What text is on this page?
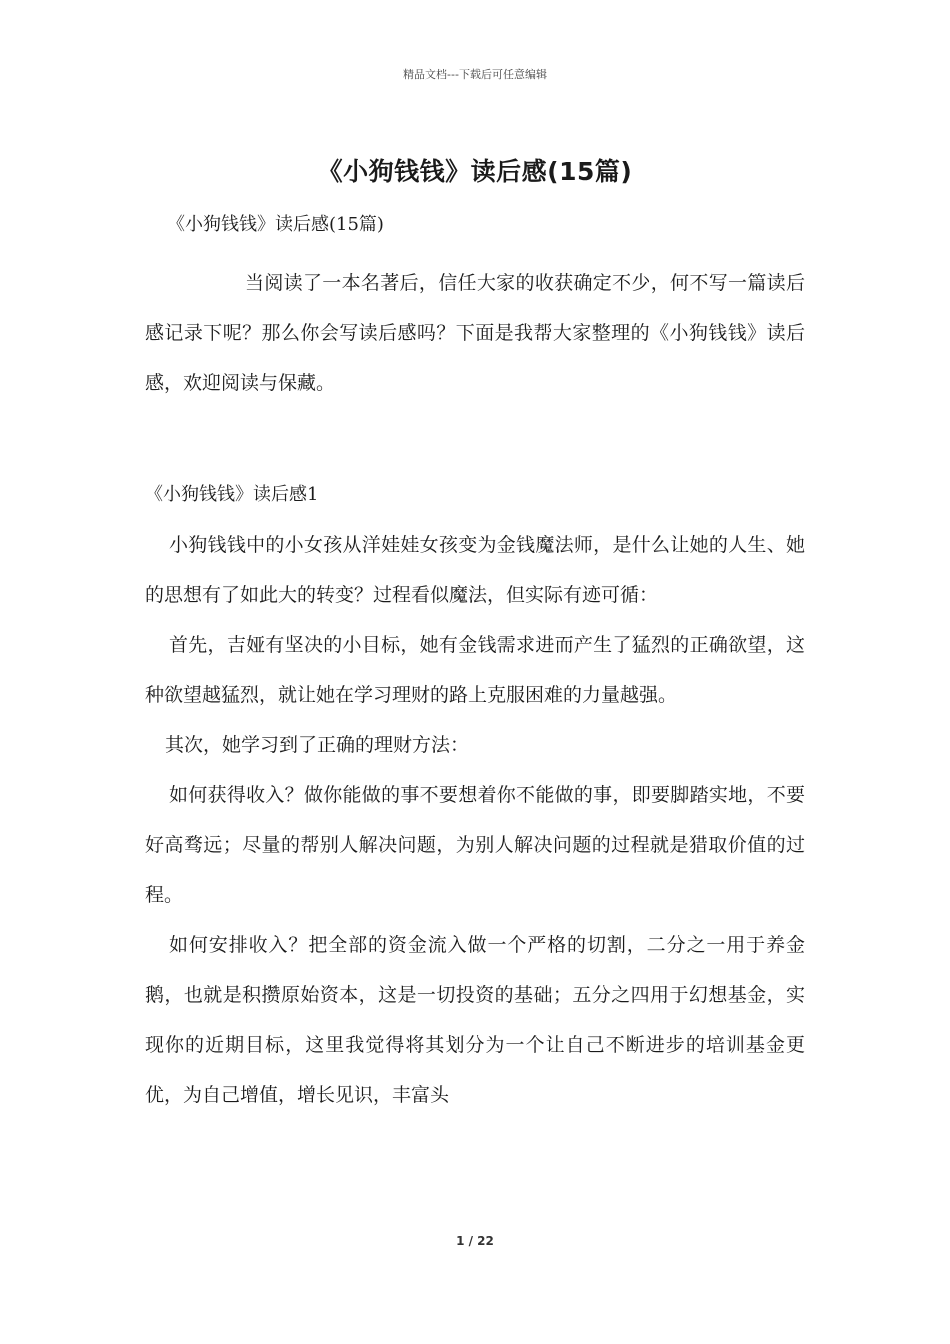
精品文档---下载后可任意编辑
《小狗钱钱》读后感(15篇)
《小狗钱钱》读后感(15篇)

当阅读了一本名著后，信任大家的收获确定不少，何不写一篇读后感记录下呢？那么你会写读后感吗？下面是我帮大家整理的《小狗钱钱》读后感，欢迎阅读与保藏。

《小狗钱钱》读后感1

小狗钱钱中的小女孩从洋娃娃女孩变为金钱魔法师，是什么让她的人生、她的思想有了如此大的转变？过程看似魔法，但实际有迹可循：

首先，吉娅有坚决的小目标，她有金钱需求进而产生了猛烈的正确欲望，这种欲望越猛烈，就让她在学习理财的路上克服困难的力量越强。

其次，她学习到了正确的理财方法：

如何获得收入？做你能做的事不要想着你不能做的事，即要脚踏实地，不要好高骛远；尽量的帮别人解决问题，为别人解决问题的过程就是猎取价值的过程。

如何安排收入？把全部的资金流入做一个严格的切割，二分之一用于养金鹅，也就是积攒原始资本，这是一切投资的基础；五分之四用于幻想基金，实现你的近期目标，这里我觉得将其划分为一个让自己不断进步的培训基金更优，为自己增值，增长见识，丰富头

1 / 22
